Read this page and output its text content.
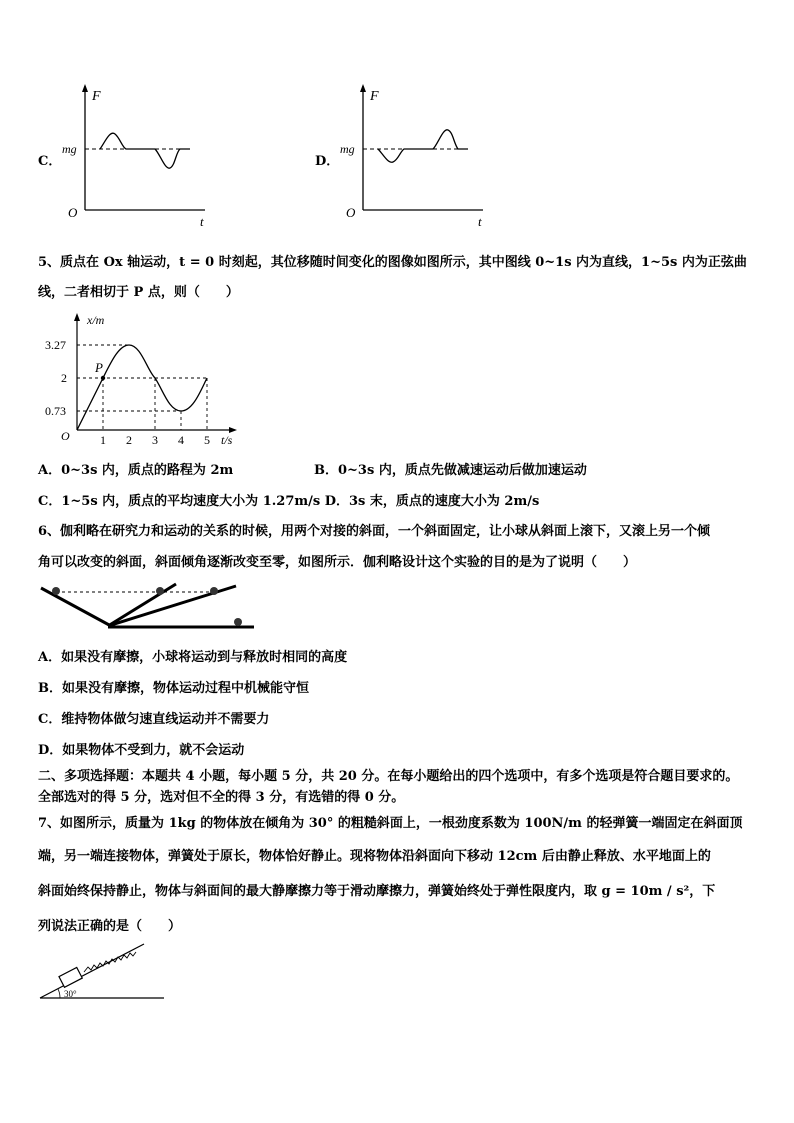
C．
F
mg
O
t
D．
F
mg
O
t
5、质点在 Ox 轴运动，t = 0 时刻起，其位移随时间变化的图像如图所示，其中图线 0~1s 内为直线，1~5s 内为正弦曲
线，二者相切于 P 点，则（　　）
P
x/m
t/s
O
3.27
2
0.73
1 2 3 4 5
A．0~3s 内，质点的路程为 2m	B．0~3s 内，质点先做减速运动后做加速运动
C．1~5s 内，质点的平均速度大小为 1.27m/s D．3s 末，质点的速度大小为 2m/s
6、伽利略在研究力和运动的关系的时候，用两个对接的斜面，一个斜面固定，让小球从斜面上滚下，又滚上另一个倾
角可以改变的斜面，斜面倾角逐渐改变至零，如图所示．伽利略设计这个实验的目的是为了说明（　　）
A．如果没有摩擦，小球将运动到与释放时相同的高度
B．如果没有摩擦，物体运动过程中机械能守恒
C．维持物体做匀速直线运动并不需要力
D．如果物体不受到力，就不会运动
二、多项选择题：本题共 4 小题，每小题 5 分，共 20 分。在每小题给出的四个选项中，有多个选项是符合题目要求的。
全部选对的得 5 分，选对但不全的得 3 分，有选错的得 0 分。
7、如图所示，质量为 1kg 的物体放在倾角为 30° 的粗糙斜面上，一根劲度系数为 100N/m 的轻弹簧一端固定在斜面顶
端，另一端连接物体，弹簧处于原长，物体恰好静止。现将物体沿斜面向下移动 12cm 后由静止释放、水平地面上的
斜面始终保持静止，物体与斜面间的最大静摩擦力等于滑动摩擦力，弹簧始终处于弹性限度内，取 g = 10m / s²，下
列说法正确的是（　　）
30°
